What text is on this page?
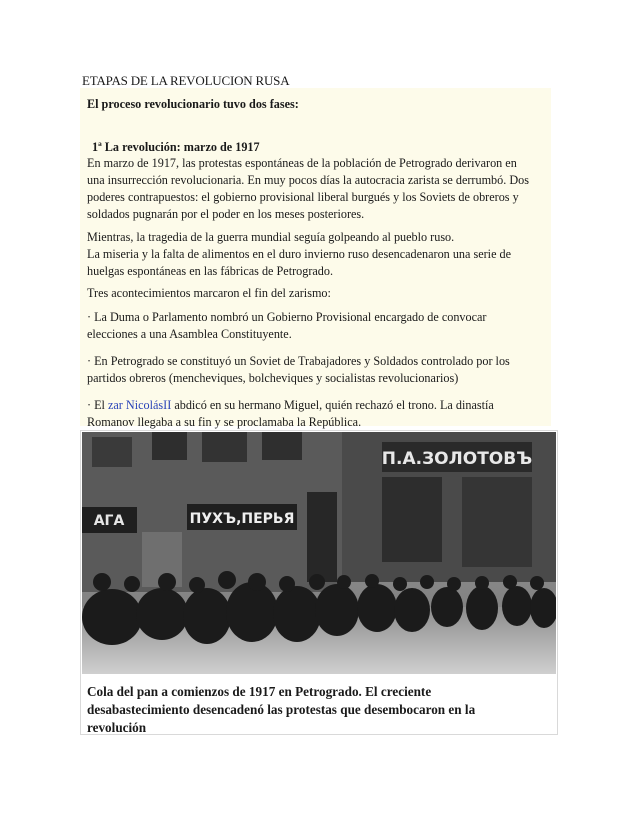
ETAPAS DE LA REVOLUCION RUSA
El proceso revolucionario tuvo dos fases:
1ª La revolución: marzo de 1917
En marzo de 1917, las protestas espontáneas de la población de Petrogrado derivaron en
una insurrección revolucionaria. En muy pocos días la autocracia zarista se derrumbó. Dos
poderes contrapuestos: el gobierno provisional liberal burgués y los Soviets de obreros y
soldados pugnarán por el poder en los meses posteriores.
Mientras, la tragedia de la guerra mundial seguía golpeando al pueblo ruso.
La miseria y la falta de alimentos en el duro invierno ruso desencadenaron una serie de
huelgas espontáneas en las fábricas de Petrogrado.
Tres acontecimientos marcaron el fin del zarismo:
· La Duma o Parlamento nombró un Gobierno Provisional encargado de convocar
elecciones a una Asamblea Constituyente.
· En Petrogrado se constituyó un Soviet de Trabajadores y Soldados controlado por los
partidos obreros (mencheviques, bolcheviques y socialistas revolucionarios)
· El zar NicolásII abdicó en su hermano Miguel, quién rechazó el trono. La dinastía
Romanov llegaba a su fin y se proclamaba la República.
П.А.ЗОЛОТОВЪ
ПУХЪ,ПЕРЬЯ
АГА
Cola del pan a comienzos de 1917 en Petrogrado. El creciente
desabastecimiento desencadenó las protestas que desembocaron en la
revolución
